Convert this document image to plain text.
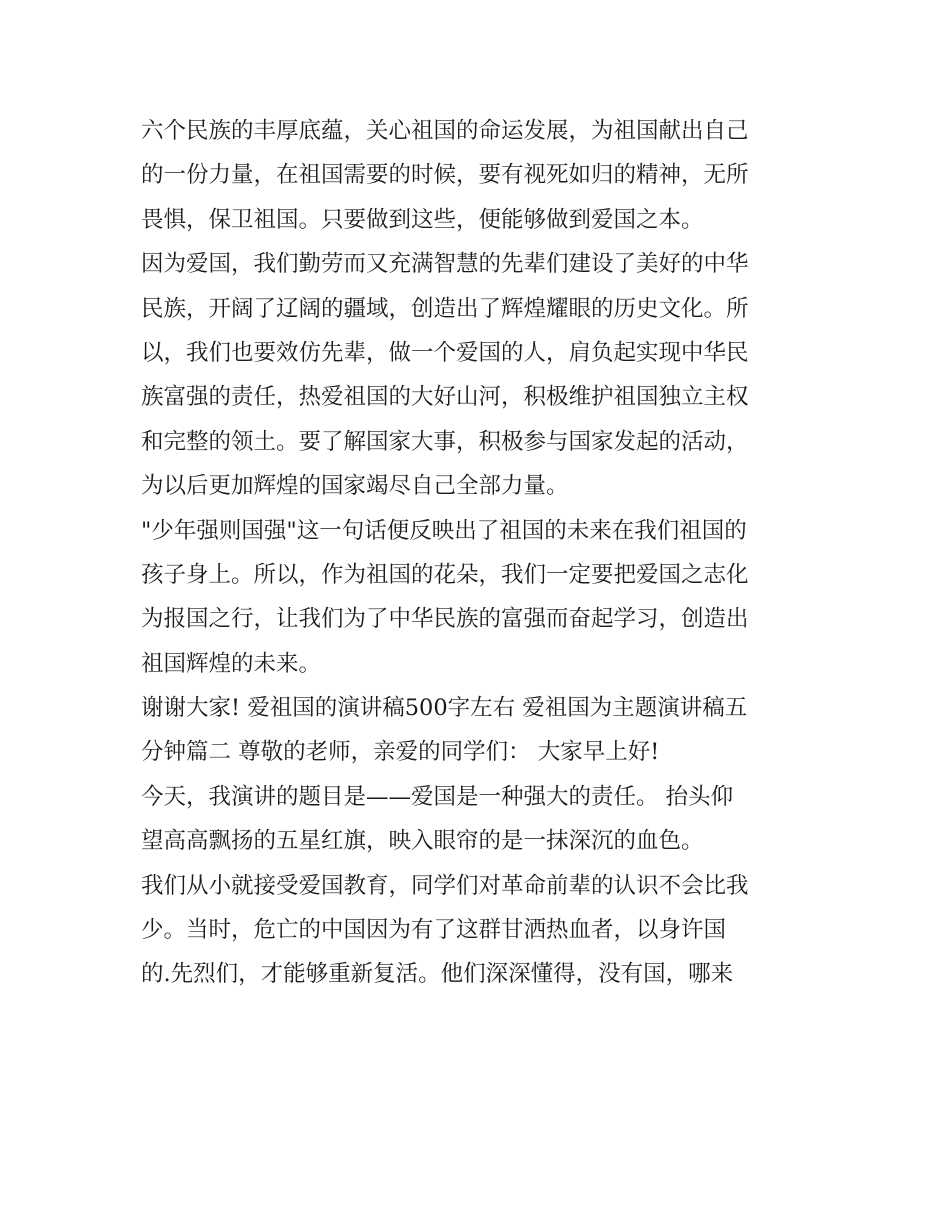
六个民族的丰厚底蕴，关心祖国的命运发展，为祖国献出自己
的一份力量，在祖国需要的时候，要有视死如归的精神，无所
畏惧，保卫祖国。只要做到这些，便能够做到爱国之本。
因为爱国，我们勤劳而又充满智慧的先辈们建设了美好的中华
民族，开阔了辽阔的疆域，创造出了辉煌耀眼的历史文化。所
以，我们也要效仿先辈，做一个爱国的人，肩负起实现中华民
族富强的责任，热爱祖国的大好山河，积极维护祖国独立主权
和完整的领土。要了解国家大事，积极参与国家发起的活动，
为以后更加辉煌的国家竭尽自己全部力量。
"少年强则国强"这一句话便反映出了祖国的未来在我们祖国的
孩子身上。所以，作为祖国的花朵，我们一定要把爱国之志化
为报国之行，让我们为了中华民族的富强而奋起学习，创造出
祖国辉煌的未来。
谢谢大家! 爱祖国的演讲稿500字左右 爱祖国为主题演讲稿五
分钟篇二 尊敬的老师，亲爱的同学们： 大家早上好!
今天，我演讲的题目是——爱国是一种强大的责任。 抬头仰
望高高飘扬的五星红旗，映入眼帘的是一抹深沉的血色。
我们从小就接受爱国教育，同学们对革命前辈的认识不会比我
少。当时，危亡的中国因为有了这群甘洒热血者，以身许国
的.先烈们，才能够重新复活。他们深深懂得，没有国，哪来
